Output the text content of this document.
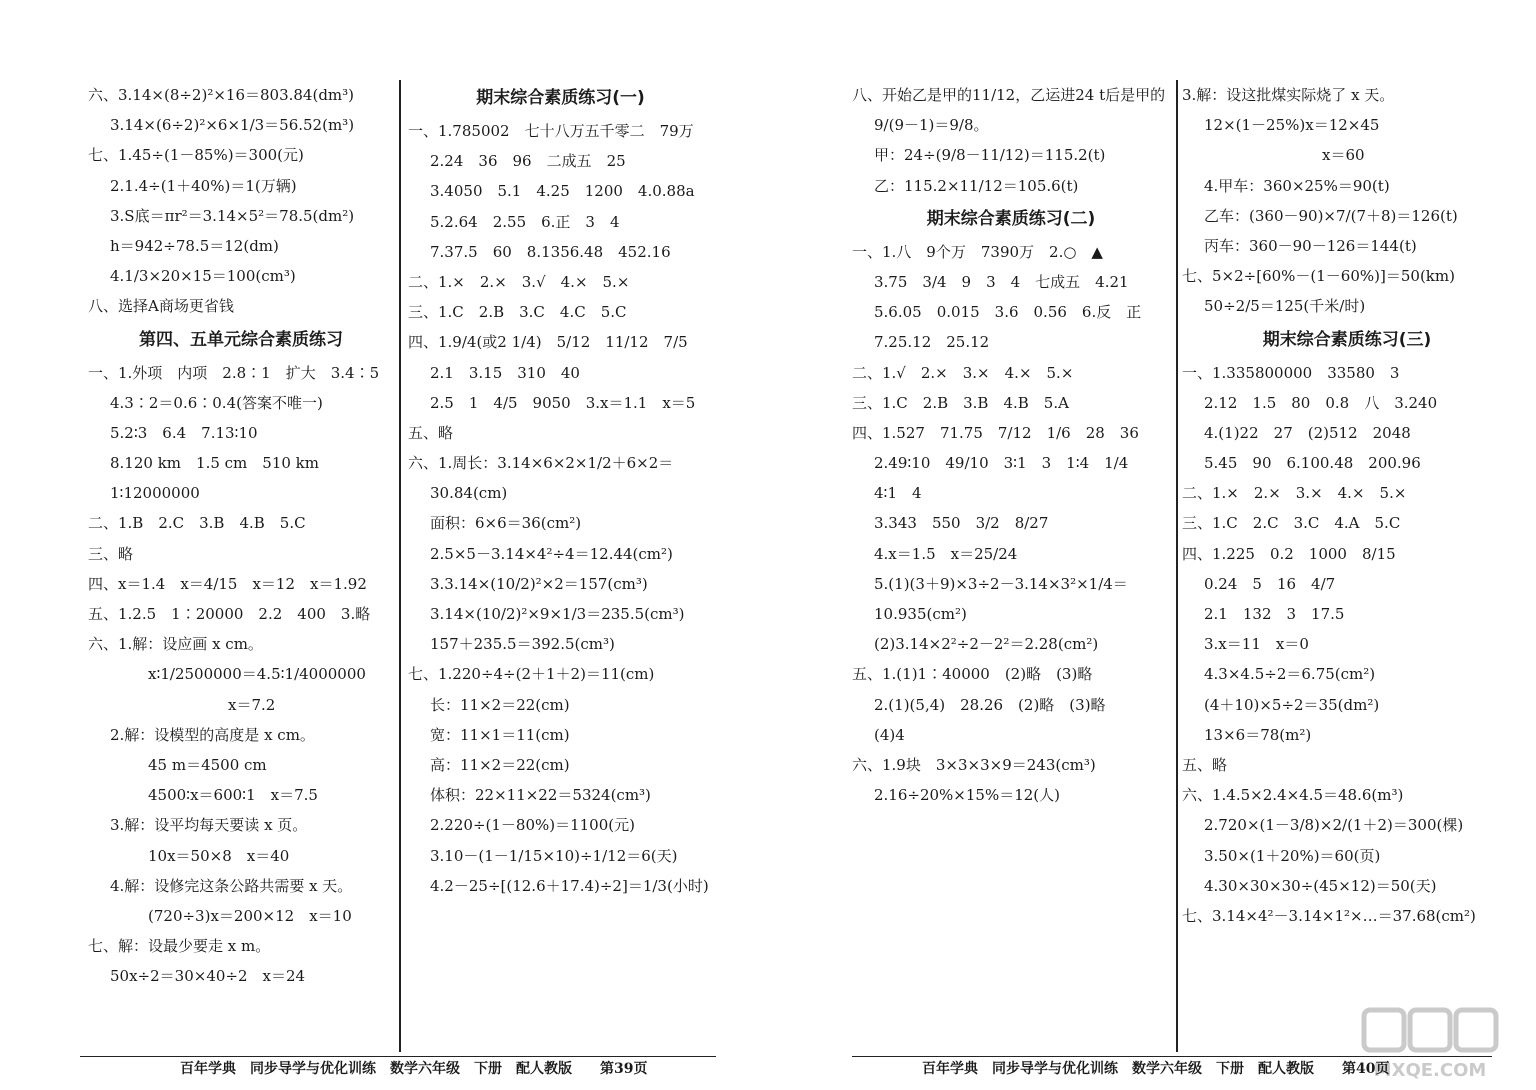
六、3.14×(8÷2)²×16＝803.84(dm³)
3.14×(6÷2)²×6×1/3＝56.52(m³)
七、1.45÷(1－85%)＝300(元)
2.1.4÷(1＋40%)＝1(万辆)
3.S底＝πr²＝3.14×5²＝78.5(dm²)
h＝942÷78.5＝12(dm)
4.1/3×20×15＝100(cm³)
八、选择A商场更省钱
第四、五单元综合素质练习
一、1.外项　内项　2.8∶1　扩大　3.4∶5
4.3∶2＝0.6∶0.4(答案不唯一)
5.2∶3　6.4　7.13∶10
8.120 km　1.5 cm　510 km
1∶12000000
二、1.B　2.C　3.B　4.B　5.C
三、略
四、x＝1.4　x＝4/15　x＝12　x＝1.92
五、1.2.5　1∶20000　2.2　400　3.略
六、1.解：设应画 x cm。
x∶1/2500000＝4.5∶1/4000000
x＝7.2
2.解：设模型的高度是 x cm。
45 m＝4500 cm
4500∶x＝600∶1　x＝7.5
3.解：设平均每天要读 x 页。
10x＝50×8　x＝40
4.解：设修完这条公路共需要 x 天。
(720÷3)x＝200×12　x＝10
七、解：设最少要走 x m。
50x÷2＝30×40÷2　x＝24
期末综合素质练习(一)
一、1.785002　七十八万五千零二　79万
2.24　36　96　二成五　25
3.4050　5.1　4.25　1200　4.0.88a
5.2.64　2.55　6.正　3　4
7.37.5　60　8.1356.48　452.16
二、1.×　2.×　3.√　4.×　5.×
三、1.C　2.B　3.C　4.C　5.C
四、1.9/4(或2 1/4)　5/12　11/12　7/5
2.1　3.15　310　40
2.5　1　4/5　9050　3.x＝1.1　x＝5
五、略
六、1.周长：3.14×6×2×1/2＋6×2＝
30.84(cm)
面积：6×6＝36(cm²)
2.5×5－3.14×4²÷4＝12.44(cm²)
3.3.14×(10/2)²×2＝157(cm³)
3.14×(10/2)²×9×1/3＝235.5(cm³)
157＋235.5＝392.5(cm³)
七、1.220÷4÷(2＋1＋2)＝11(cm)
长：11×2＝22(cm)
宽：11×1＝11(cm)
高：11×2＝22(cm)
体积：22×11×22＝5324(cm³)
2.220÷(1－80%)＝1100(元)
3.10－(1－1/15×10)÷1/12＝6(天)
4.2－25÷[(12.6＋17.4)÷2]＝1/3(小时)
八、开始乙是甲的11/12，乙运进24 t后是甲的
9/(9－1)＝9/8。
甲：24÷(9/8－11/12)＝115.2(t)
乙：115.2×11/12＝105.6(t)
期末综合素质练习(二)
一、1.八　9个万　7390万　2.○　▲
3.75　3/4　9　3　4　七成五　4.21
5.6.05　0.015　3.6　0.56　6.反　正
7.25.12　25.12
二、1.√　2.×　3.×　4.×　5.×
三、1.C　2.B　3.B　4.B　5.A
四、1.527　71.75　7/12　1/6　28　36
2.49∶10　49/10　3∶1　3　1∶4　1/4
4∶1　4
3.343　550　3/2　8/27
4.x＝1.5　x＝25/24
5.(1)(3＋9)×3÷2－3.14×3²×1/4＝
10.935(cm²)
(2)3.14×2²÷2－2²＝2.28(cm²)
五、1.(1)1∶40000　(2)略　(3)略
2.(1)(5,4)　28.26　(2)略　(3)略
(4)4
六、1.9块　3×3×3×9＝243(cm³)
2.16÷20%×15%＝12(人)
3.解：设这批煤实际烧了 x 天。
12×(1－25%)x＝12×45
x＝60
4.甲车：360×25%＝90(t)
乙车：(360－90)×7/(7＋8)＝126(t)
丙车：360－90－126＝144(t)
七、5×2÷[60%－(1－60%)]＝50(km)
50÷2/5＝125(千米/时)
期末综合素质练习(三)
一、1.335800000　33580　3
2.12　1.5　80　0.8　八　3.240
4.(1)22　27　(2)512　2048
5.45　90　6.100.48　200.96
二、1.×　2.×　3.×　4.×　5.×
三、1.C　2.C　3.C　4.A　5.C
四、1.225　0.2　1000　8/15
0.24　5　16　4/7
2.1　132　3　17.5
3.x＝11　x＝0
4.3×4.5÷2＝6.75(cm²)
(4＋10)×5÷2＝35(dm²)
13×6＝78(m²)
五、略
六、1.4.5×2.4×4.5＝48.6(m³)
2.720×(1－3/8)×2/(1＋2)＝300(棵)
3.50×(1＋20%)＝60(页)
4.30×30×30÷(45×12)＝50(天)
七、3.14×4²－3.14×1²×…＝37.68(cm²)
百年学典　同步导学与优化训练　数学六年级　下册　配人教版　　第39页	百年学典　同步导学与优化训练　数学六年级　下册　配人教版　　第40页
MXQE.COM
